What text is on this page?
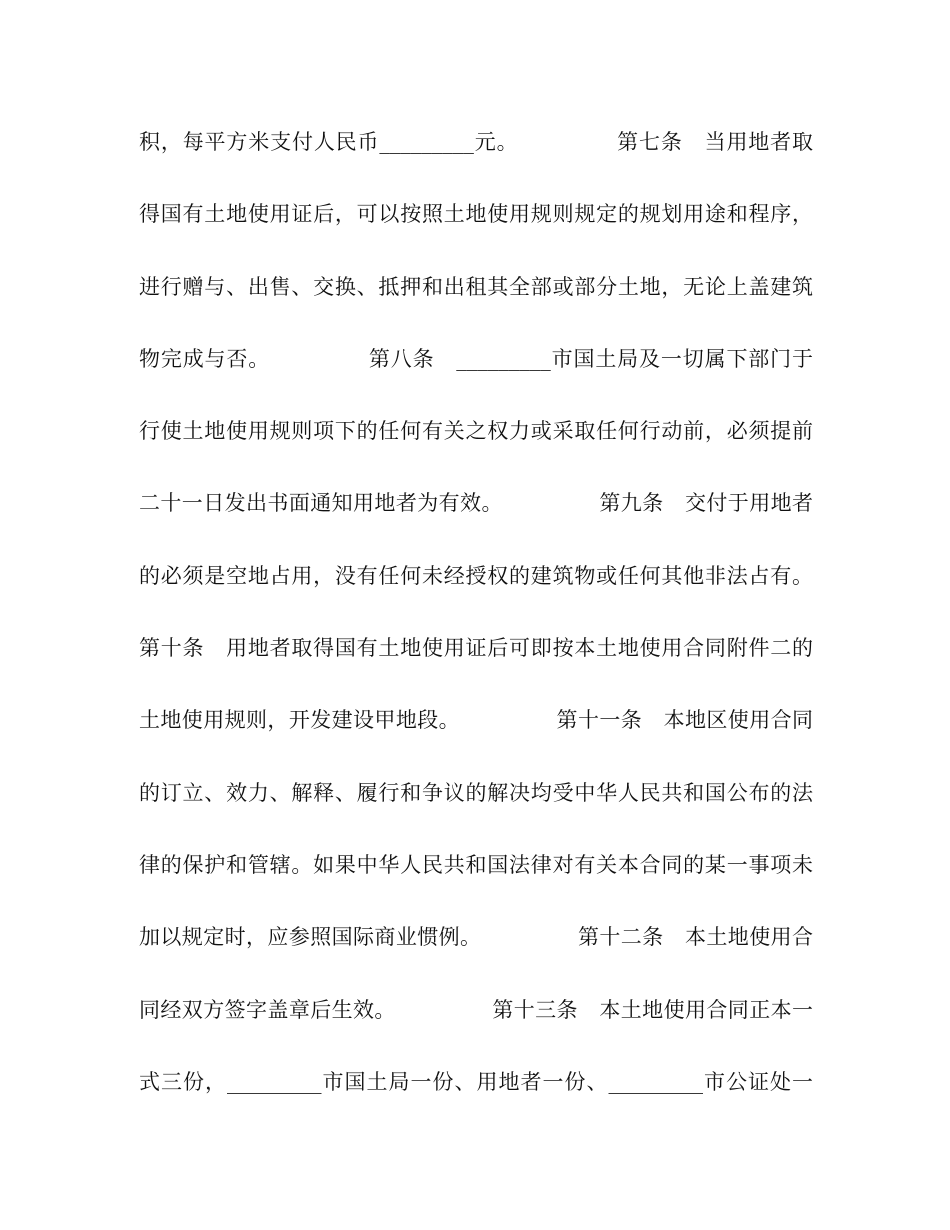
积，每平方米支付人民币_________元。　　　　　第七条　当用地者取
得国有土地使用证后，可以按照土地使用规则规定的规划用途和程序，
进行赠与、出售、交换、抵押和出租其全部或部分土地，无论上盖建筑
物完成与否。　　　　　第八条　_________市国土局及一切属下部门于
行使土地使用规则项下的任何有关之权力或采取任何行动前，必须提前
二十一日发出书面通知用地者为有效。　　　　　第九条　交付于用地者
的必须是空地占用，没有任何未经授权的建筑物或任何其他非法占有。
第十条　用地者取得国有土地使用证后可即按本土地使用合同附件二的
土地使用规则，开发建设甲地段。　　　　　第十一条　本地区使用合同
的订立、效力、解释、履行和争议的解决均受中华人民共和国公布的法
律的保护和管辖。如果中华人民共和国法律对有关本合同的某一事项未
加以规定时，应参照国际商业惯例。　　　　　第十二条　本土地使用合
同经双方签字盖章后生效。　　　　　第十三条　本土地使用合同正本一
式三份，_________市国土局一份、用地者一份、_________市公证处一
